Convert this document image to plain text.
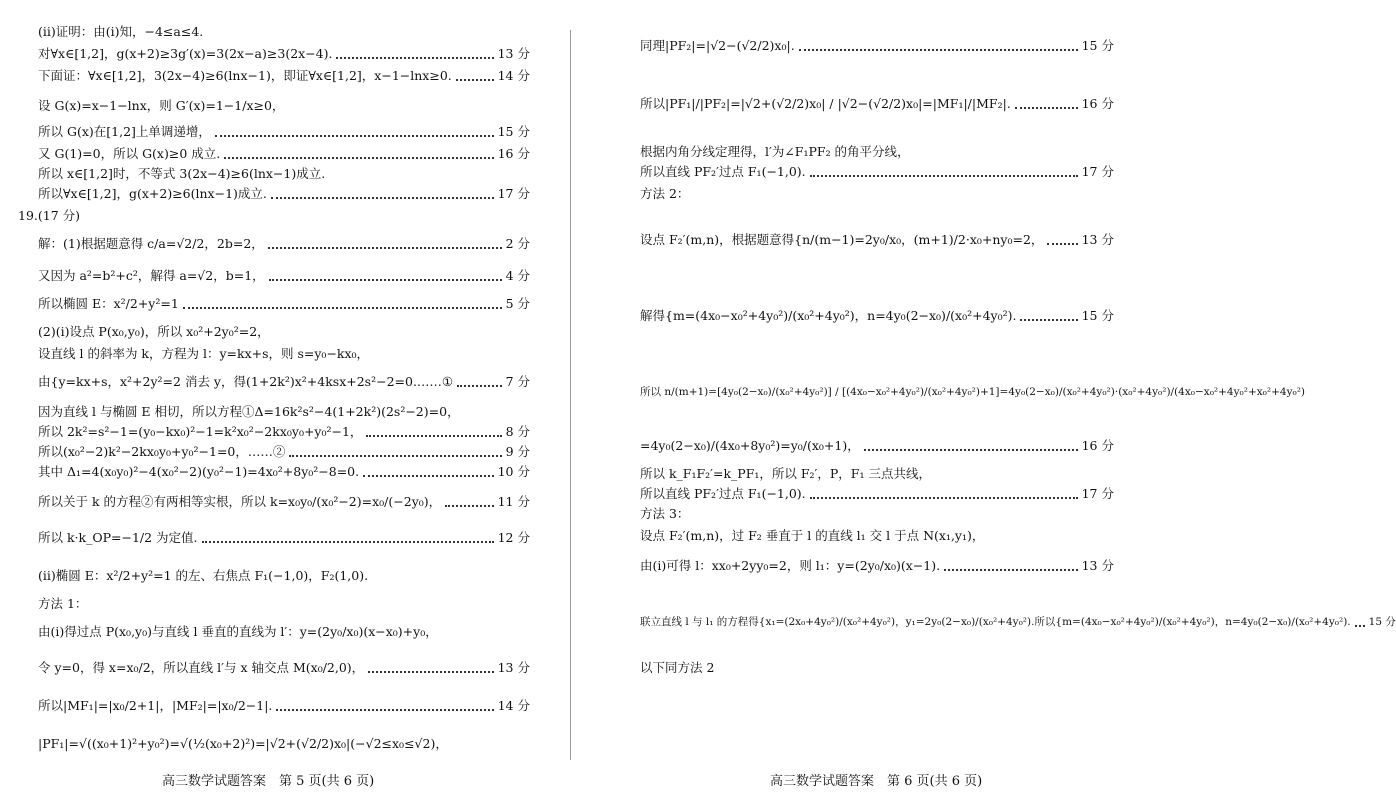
(ⅱ)证明：由(ⅰ)知，−4≤a≤4.
对∀x∈[1,2]，g(x+2)≥3g′(x)=3(2x−a)≥3(2x−4).	13 分
下面证：∀x∈[1,2]，3(2x−4)≥6(lnx−1)，即证∀x∈[1,2]，x−1−lnx≥0.	14 分
设 G(x)=x−1−lnx，则 G′(x)=1−1/x≥0，
所以 G(x)在[1,2]上单调递增，	15 分
又 G(1)=0，所以 G(x)≥0 成立.	16 分
所以 x∈[1,2]时，不等式 3(2x−4)≥6(lnx−1)成立.
所以∀x∈[1,2]，g(x+2)≥6(lnx−1)成立.	17 分
19.(17 分)
解：(1)根据题意得 c/a=√2/2，2b=2，	2 分
又因为 a²=b²+c²，解得 a=√2，b=1，	4 分
所以椭圆 E：x²/2+y²=1	5 分
(2)(ⅰ)设点 P(x₀,y₀)，所以 x₀²+2y₀²=2，
设直线 l 的斜率为 k，方程为 l：y=kx+s，则 s=y₀−kx₀，
由{y=kx+s，x²+2y²=2 消去 y，得(1+2k²)x²+4ksx+2s²−2=0.……①	7 分
因为直线 l 与椭圆 E 相切，所以方程①Δ=16k²s²−4(1+2k²)(2s²−2)=0，
所以 2k²=s²−1=(y₀−kx₀)²−1=k²x₀²−2kx₀y₀+y₀²−1，	8 分
所以(x₀²−2)k²−2kx₀y₀+y₀²−1=0，……②	9 分
其中 Δ₁=4(x₀y₀)²−4(x₀²−2)(y₀²−1)=4x₀²+8y₀²−8=0.	10 分
所以关于 k 的方程②有两相等实根，所以 k=x₀y₀/(x₀²−2)=x₀/(−2y₀)，	11 分
所以 k·k_OP=−1/2 为定值.	12 分
(ⅱ)椭圆 E：x²/2+y²=1 的左、右焦点 F₁(−1,0)，F₂(1,0).
方法 1：
由(ⅰ)得过点 P(x₀,y₀)与直线 l 垂直的直线为 l′：y=(2y₀/x₀)(x−x₀)+y₀，
令 y=0，得 x=x₀/2，所以直线 l′与 x 轴交点 M(x₀/2,0)，	13 分
所以|MF₁|=|x₀/2+1|，|MF₂|=|x₀/2−1|.	14 分
|PF₁|=√((x₀+1)²+y₀²)=√(½(x₀+2)²)=|√2+(√2/2)x₀|(−√2≤x₀≤√2)，
同理|PF₂|=|√2−(√2/2)x₀|.	15 分
所以|PF₁|/|PF₂|=|√2+(√2/2)x₀| / |√2−(√2/2)x₀|=|MF₁|/|MF₂|.	16 分
根据内角分线定理得，l′为∠F₁PF₂ 的角平分线，
所以直线 PF₂′过点 F₁(−1,0).	17 分
方法 2：
设点 F₂′(m,n)，根据题意得{n/(m−1)=2y₀/x₀，(m+1)/2·x₀+ny₀=2，	13 分
解得{m=(4x₀−x₀²+4y₀²)/(x₀²+4y₀²)，n=4y₀(2−x₀)/(x₀²+4y₀²).	15 分
所以 n/(m+1)=[4y₀(2−x₀)/(x₀²+4y₀²)] / [(4x₀−x₀²+4y₀²)/(x₀²+4y₀²)+1]=4y₀(2−x₀)/(x₀²+4y₀²)·(x₀²+4y₀²)/(4x₀−x₀²+4y₀²+x₀²+4y₀²)
=4y₀(2−x₀)/(4x₀+8y₀²)=y₀/(x₀+1)，	16 分
所以 k_F₁F₂′=k_PF₁，所以 F₂′，P，F₁ 三点共线，
所以直线 PF₂′过点 F₁(−1,0).	17 分
方法 3：
设点 F₂′(m,n)，过 F₂ 垂直于 l 的直线 l₁ 交 l 于点 N(x₁,y₁)，
由(ⅰ)可得 l：xx₀+2yy₀=2，则 l₁：y=(2y₀/x₀)(x−1).	13 分
联立直线 l 与 l₁ 的方程得{x₁=(2x₀+4y₀²)/(x₀²+4y₀²)，y₁=2y₀(2−x₀)/(x₀²+4y₀²).所以{m=(4x₀−x₀²+4y₀²)/(x₀²+4y₀²)，n=4y₀(2−x₀)/(x₀²+4y₀²). 15 分
以下同方法 2
高三数学试题答案　第 5 页(共 6 页)	高三数学试题答案　第 6 页(共 6 页)
